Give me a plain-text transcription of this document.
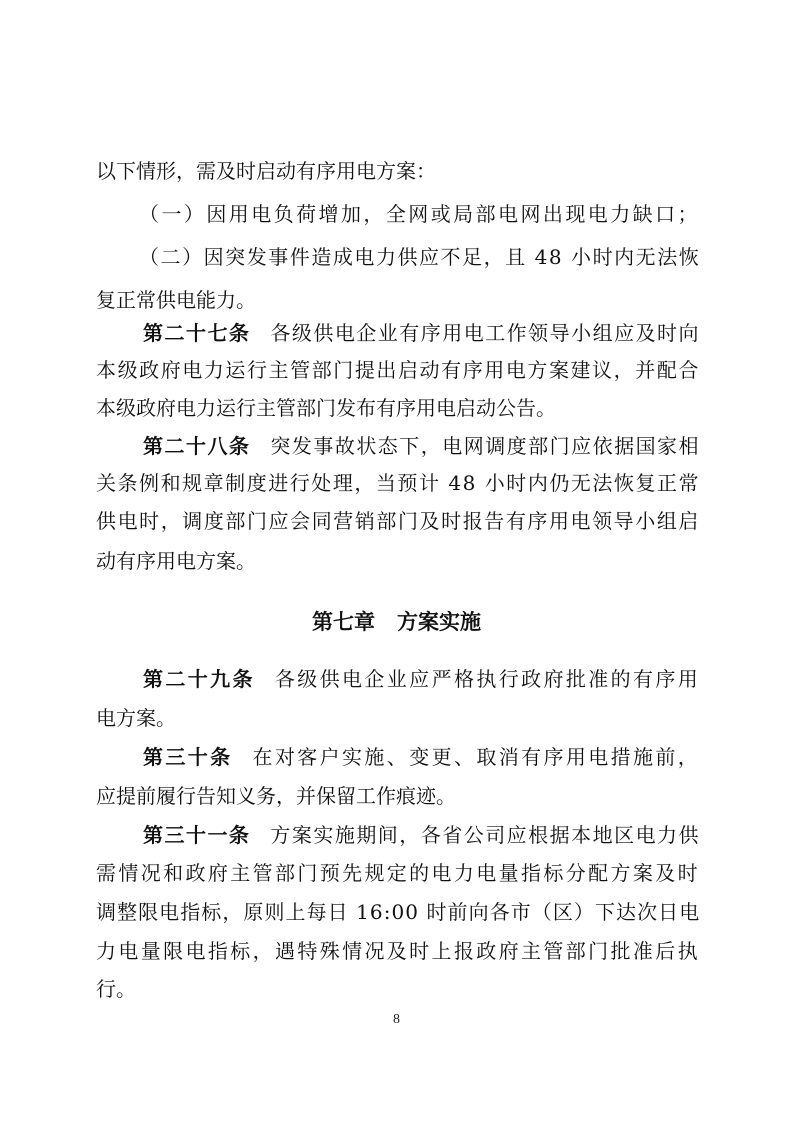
以下情形，需及时启动有序用电方案：
（一）因用电负荷增加，全网或局部电网出现电力缺口；
（二）因突发事件造成电力供应不足，且 48 小时内无法恢
复正常供电能力。
第二十七条 各级供电企业有序用电工作领导小组应及时向
本级政府电力运行主管部门提出启动有序用电方案建议，并配合
本级政府电力运行主管部门发布有序用电启动公告。
第二十八条 突发事故状态下，电网调度部门应依据国家相
关条例和规章制度进行处理，当预计 48 小时内仍无法恢复正常
供电时，调度部门应会同营销部门及时报告有序用电领导小组启
动有序用电方案。
第七章 方案实施
第二十九条 各级供电企业应严格执行政府批准的有序用
电方案。
第三十条 在对客户实施、变更、取消有序用电措施前，
应提前履行告知义务，并保留工作痕迹。
第三十一条 方案实施期间，各省公司应根据本地区电力供
需情况和政府主管部门预先规定的电力电量指标分配方案及时
调整限电指标，原则上每日 16:00 时前向各市（区）下达次日电
力电量限电指标，遇特殊情况及时上报政府主管部门批准后执
行。
8
